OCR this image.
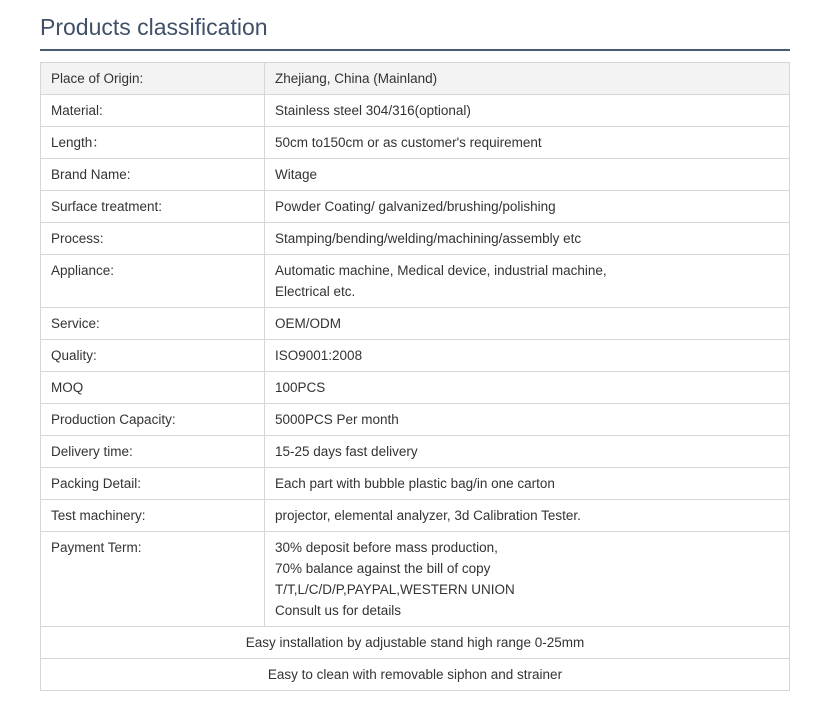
Products classification
Place of Origin:	Zhejiang, China (Mainland)

Material:	Stainless steel 304/316(optional)

Length：	50cm to150cm or as customer's requirement

Brand Name:	Witage

Surface treatment:	Powder Coating/ galvanized/brushing/polishing

Process:	Stamping/bending/welding/machining/assembly etc

Appliance:	Automatic machine, Medical device, industrial machine,
Electrical etc.

Service:	OEM/ODM

Quality:	ISO9001:2008

MOQ	100PCS

Production Capacity:	5000PCS Per month

Delivery time:	15-25 days fast delivery

Packing Detail:	Each part with bubble plastic bag/in one carton

Test machinery:	projector, elemental analyzer, 3d Calibration Tester.

Payment Term:	30% deposit before mass production,
70% balance against the bill of copy
T/T,L/C/D/P,PAYPAL,WESTERN UNION
Consult us for details

Easy installation by adjustable stand high range 0-25mm	
Easy to clean with removable siphon and strainer	
